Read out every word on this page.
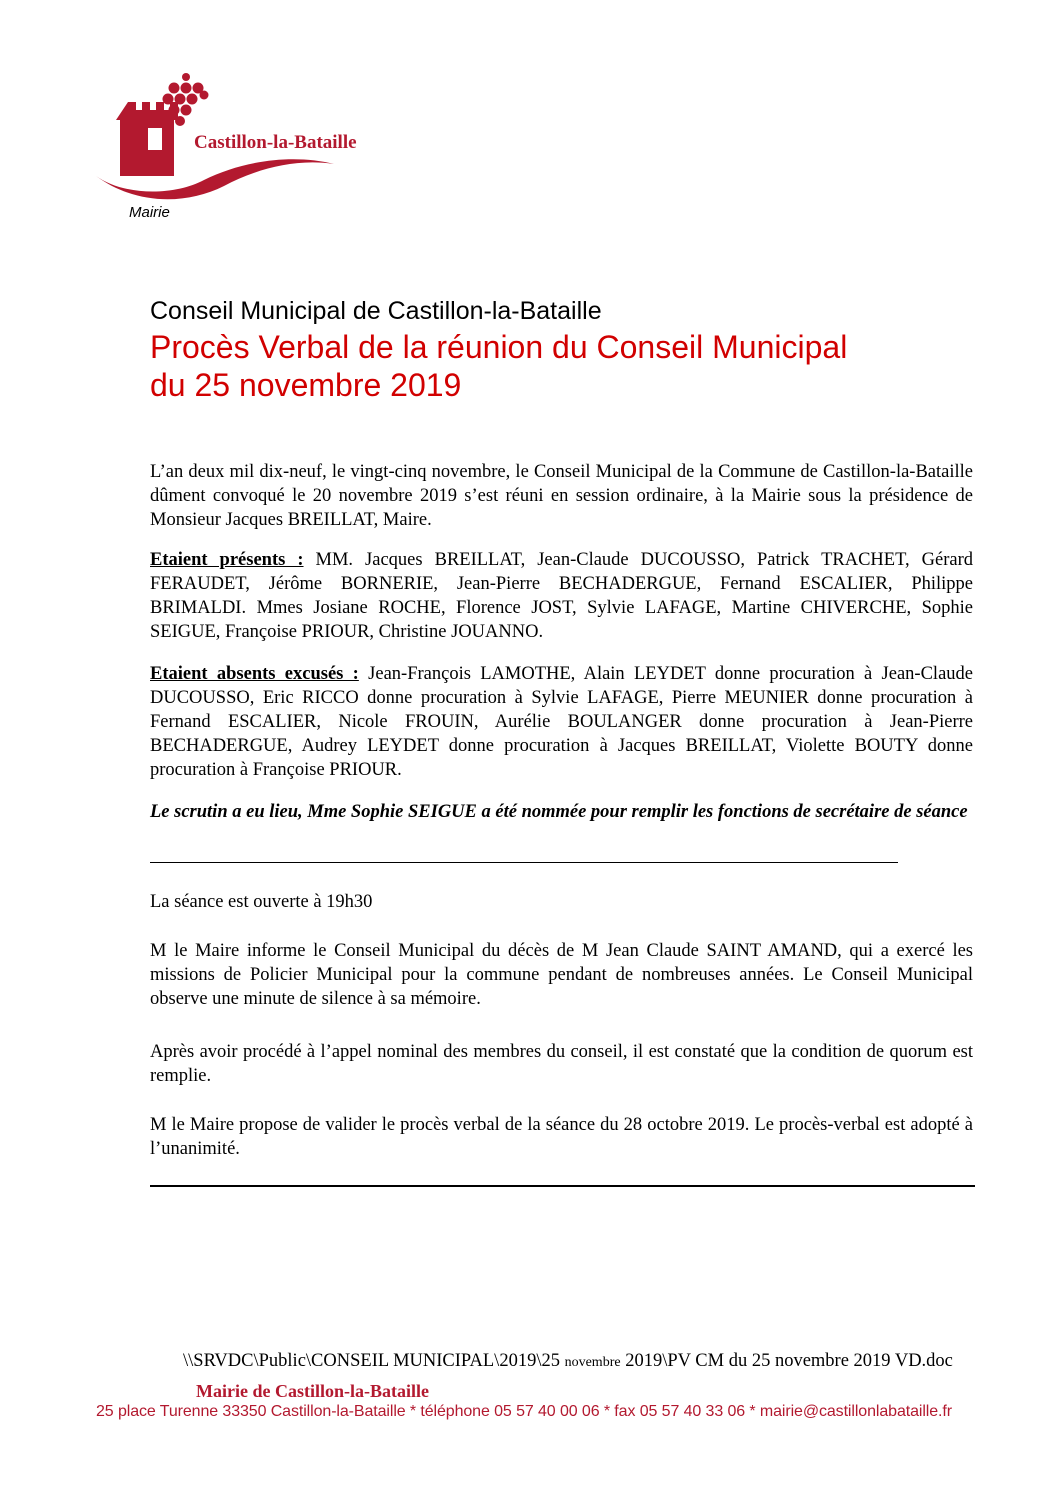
Castillon-la-Bataille
Mairie
Conseil Municipal de Castillon-la-Bataille
Procès Verbal de la réunion du Conseil Municipal
du 25 novembre 2019
L’an deux mil dix-neuf, le vingt-cinq novembre, le Conseil Municipal de la Commune de Castillon-la-Bataille dûment convoqué le 20 novembre 2019 s’est réuni en session ordinaire, à la Mairie sous la présidence de Monsieur Jacques BREILLAT, Maire.
Etaient présents : MM. Jacques BREILLAT, Jean-Claude DUCOUSSO, Patrick TRACHET, Gérard FERAUDET, Jérôme BORNERIE, Jean-Pierre BECHADERGUE, Fernand ESCALIER, Philippe BRIMALDI. Mmes Josiane ROCHE, Florence JOST, Sylvie LAFAGE, Martine CHIVERCHE, Sophie SEIGUE, Françoise PRIOUR, Christine JOUANNO.
Etaient absents excusés : Jean-François LAMOTHE, Alain LEYDET donne procuration à Jean-Claude DUCOUSSO, Eric RICCO donne procuration à Sylvie LAFAGE, Pierre MEUNIER donne procuration à Fernand ESCALIER, Nicole FROUIN, Aurélie BOULANGER donne procuration à Jean-Pierre BECHADERGUE, Audrey LEYDET donne procuration à Jacques BREILLAT, Violette BOUTY donne procuration à Françoise PRIOUR.
Le scrutin a eu lieu, Mme Sophie SEIGUE a été nommée pour remplir les fonctions de secrétaire de séance
La séance est ouverte à 19h30
M le Maire informe le Conseil Municipal du décès de M Jean Claude SAINT AMAND, qui a exercé les missions de Policier Municipal pour la commune pendant de nombreuses années. Le Conseil Municipal observe une minute de silence à sa mémoire.
Après avoir procédé à l’appel nominal des membres du conseil, il est constaté que la condition de quorum est remplie.
M le Maire propose de valider le procès verbal de la séance du 28 octobre 2019. Le procès-verbal est adopté à l’unanimité.
\\SRVDC\Public\CONSEIL MUNICIPAL\2019\25 novembre 2019\PV CM du 25 novembre 2019 VD.doc
Mairie de Castillon-la-Bataille
25 place Turenne 33350 Castillon-la-Bataille * téléphone 05 57 40 00 06 * fax 05 57 40 33 06 * mairie@castillonlabataille.fr
